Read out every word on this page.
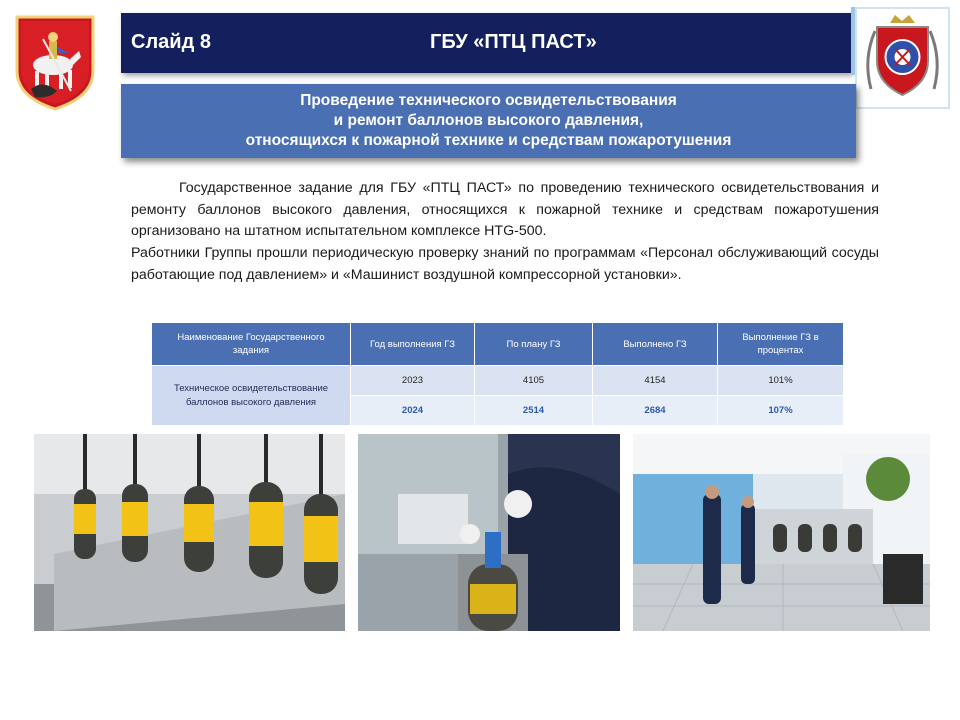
Слайд 8	ГБУ «ПТЦ ПАСТ»
Проведение технического освидетельствования
и ремонт баллонов высокого давления,
относящихся к пожарной технике и средствам пожаротушения
Государственное задание для ГБУ «ПТЦ ПАСТ» по проведению технического освидетельствования и ремонту баллонов высокого давления, относящихся к пожарной технике и средствам пожаротушения организовано на штатном испытательном комплексе HTG-500.
Работники Группы прошли периодическую проверку знаний по программам «Персонал обслуживающий сосуды работающие под давлением» и «Машинист воздушной компрессорной установки».
Наименование Государственного задания	Год выполнения ГЗ	По плану ГЗ	Выполнено ГЗ	Выполнение ГЗ в процентах
Техническое освидетельствование баллонов высокого давления	2023	4105	4154	101%
	2024	2514	2684	107%
